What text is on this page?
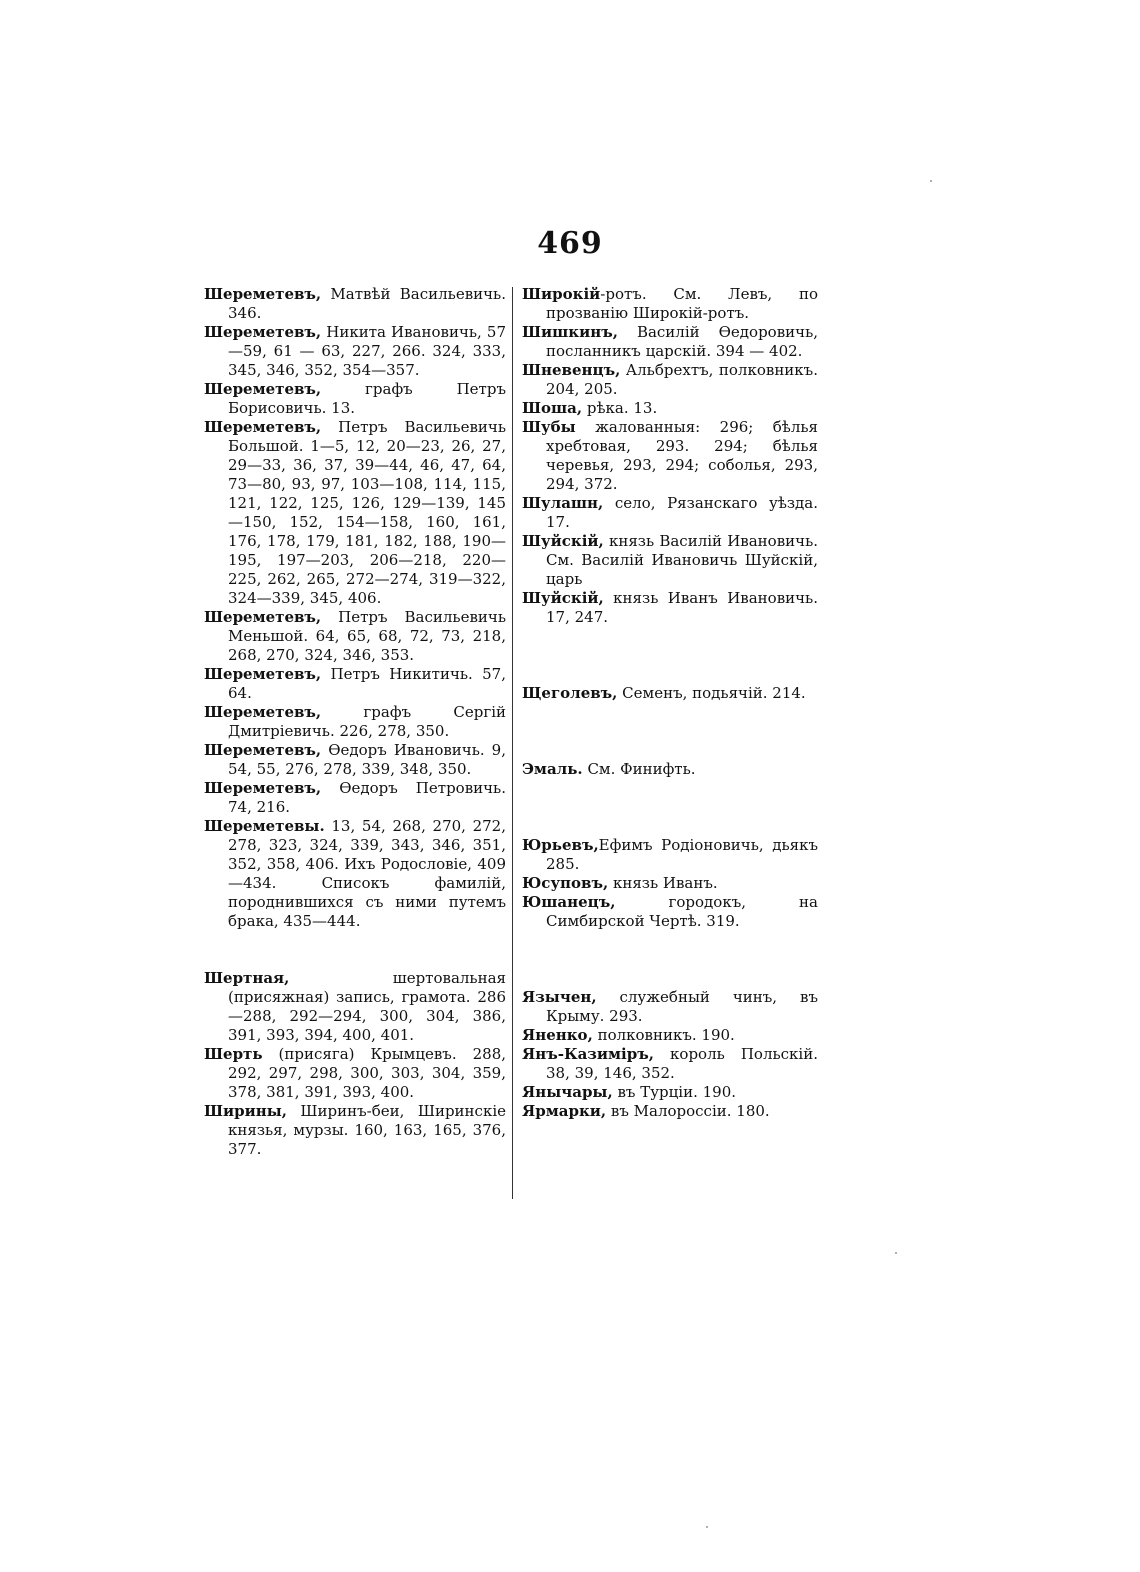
469
Шереметевъ, Матвѣй Васильевичь. 346.
Шереметевъ, Никита Ивановичь, 57—59, 61 — 63, 227, 266. 324, 333, 345, 346, 352, 354—357.
Шереметевъ, графъ Петръ Борисовичь. 13.
Шереметевъ, Петръ Васильевичь Большой. 1—5, 12, 20—23, 26, 27, 29—33, 36, 37, 39—44, 46, 47, 64, 73—80, 93, 97, 103—108, 114, 115, 121, 122, 125, 126, 129—139, 145—150, 152, 154—158, 160, 161, 176, 178, 179, 181, 182, 188, 190—195, 197—203, 206—218, 220—225, 262, 265, 272—274, 319—322, 324—339, 345, 406.
Шереметевъ, Петръ Васильевичь Меньшой. 64, 65, 68, 72, 73, 218, 268, 270, 324, 346, 353.
Шереметевъ, Петръ Никитичь. 57, 64.
Шереметевъ, графъ Сергій Дмитріевичь. 226, 278, 350.
Шереметевъ, Ѳедоръ Ивановичь. 9, 54, 55, 276, 278, 339, 348, 350.
Шереметевъ, Ѳедоръ Петровичь. 74, 216.
Шереметевы. 13, 54, 268, 270, 272, 278, 323, 324, 339, 343, 346, 351, 352, 358, 406. Ихъ Родословіе, 409—434. Списокъ фамилій, породнившихся съ ними путемъ брака, 435—444.
Шертная, шертовальная (присяжная) запись, грамота. 286—288, 292—294, 300, 304, 386, 391, 393, 394, 400, 401.
Шерть (присяга) Крымцевъ. 288, 292, 297, 298, 300, 303, 304, 359, 378, 381, 391, 393, 400.
Ширины, Ширинъ-беи, Ширинскіе князья, мурзы. 160, 163, 165, 376, 377.
Широкій-ротъ. См. Левъ, по прозванію Широкій-ротъ.
Шишкинъ, Василій Ѳедоровичь, посланникъ царскій. 394 — 402.
Шневенцъ, Альбрехтъ, полковникъ. 204, 205.
Шоша, рѣка. 13.
Шубы жалованныя: 296; бѣлья хребтовая, 293. 294; бѣлья черевья, 293, 294; соболья, 293, 294, 372.
Шулашн, село, Рязанскаго уѣзда. 17.
Шуйскій, князь Василій Ивановичь. См. Василій Ивановичь Шуйскій, царь
Шуйскій, князь Иванъ Ивановичь. 17, 247.
Щеголевъ, Семенъ, подьячій. 214.
Эмаль. См. Финифть.
Юрьевъ,Ефимъ Родіоновичь, дьякъ 285.
Юсуповъ, князь Иванъ.
Юшанецъ, городокъ, на Симбирской Чертѣ. 319.
Язычен, служебный чинъ, въ Крыму. 293.
Яненко, полковникъ. 190.
Янъ-Казиміръ, король Польскій. 38, 39, 146, 352.
Янычары, въ Турціи. 190.
Ярмарки, въ Малороссіи. 180.
